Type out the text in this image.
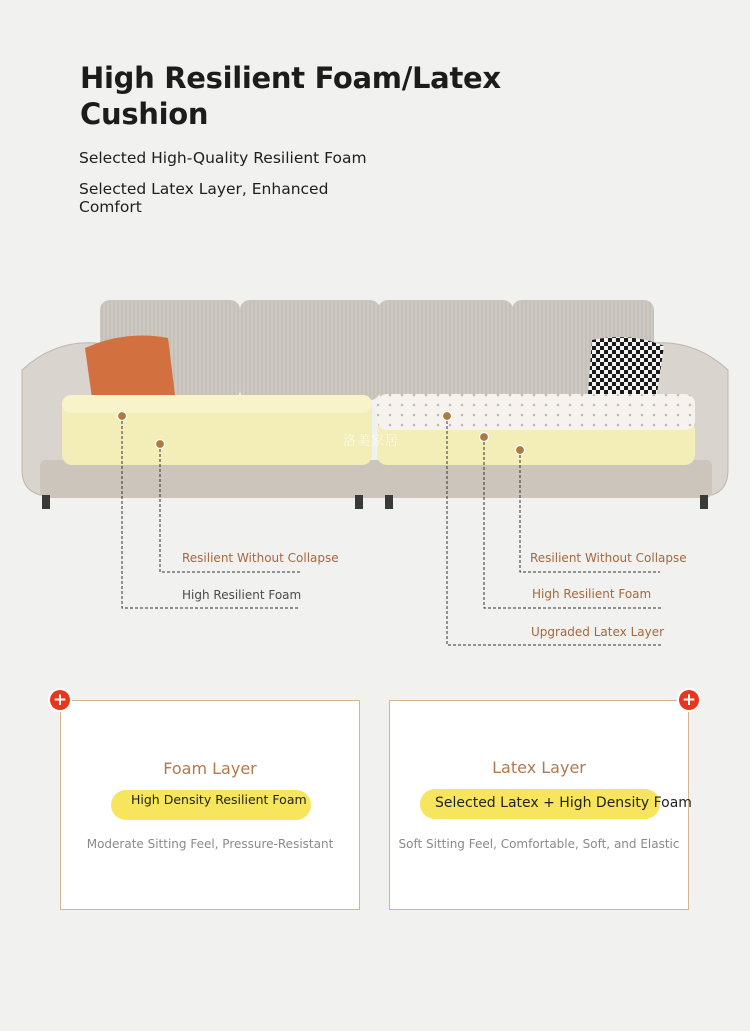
High Resilient Foam/Latex Cushion
Selected High-Quality Resilient Foam
Selected Latex Layer, Enhanced Comfort
洛美家居
Resilient Without Collapse
High Resilient Foam
Resilient Without Collapse
High Resilient Foam
Upgraded Latex Layer
Foam Layer
High Density Resilient Foam
Moderate Sitting Feel, Pressure-Resistant
+
Latex Layer
Selected Latex + High Density Foam
Soft Sitting Feel, Comfortable, Soft, and Elastic
+
